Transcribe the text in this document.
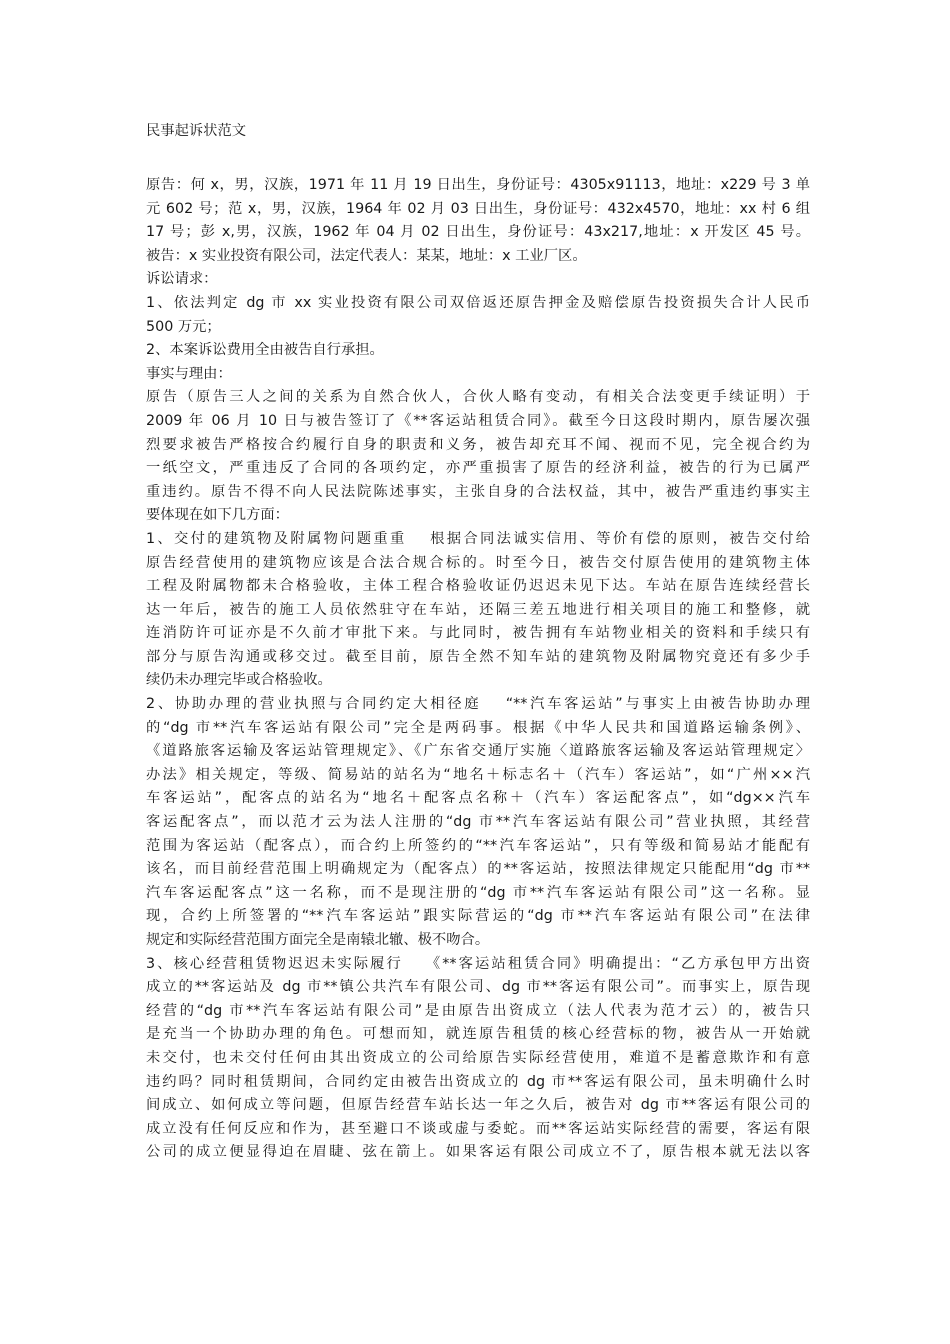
民事起诉状范文
原告：何 x，男，汉族，1971 年 11 月 19 日出生，身份证号：4305x91113，地址：x229 号 3 单
元 602 号；范 x，男，汉族，1964 年 02 月 03 日出生，身份证号：432x4570，地址：xx 村 6 组
17 号；彭 x,男，汉族，1962 年 04 月 02 日出生，身份证号：43x217,地址：x 开发区 45 号。
被告：x 实业投资有限公司，法定代表人：某某，地址：x 工业厂区。
诉讼请求：
1、依法判定 dg 市 xx 实业投资有限公司双倍返还原告押金及赔偿原告投资损失合计人民币
500 万元；
2、本案诉讼费用全由被告自行承担。
事实与理由：
原告（原告三人之间的关系为自然合伙人，合伙人略有变动，有相关合法变更手续证明）于
2009 年 06 月 10 日与被告签订了《**客运站租赁合同》。截至今日这段时期内，原告屡次强
烈要求被告严格按合约履行自身的职责和义务，被告却充耳不闻、视而不见，完全视合约为
一纸空文，严重违反了合同的各项约定，亦严重损害了原告的经济利益，被告的行为已属严
重违约。原告不得不向人民法院陈述事实，主张自身的合法权益，其中，被告严重违约事实主
要体现在如下几方面：
1、交付的建筑物及附属物问题重重　 根据合同法诚实信用、等价有偿的原则，被告交付给
原告经营使用的建筑物应该是合法合规合标的。时至今日，被告交付原告使用的建筑物主体
工程及附属物都未合格验收，主体工程合格验收证仍迟迟未见下达。车站在原告连续经营长
达一年后，被告的施工人员依然驻守在车站，还隔三差五地进行相关项目的施工和整修，就
连消防许可证亦是不久前才审批下来。与此同时，被告拥有车站物业相关的资料和手续只有
部分与原告沟通或移交过。截至目前，原告全然不知车站的建筑物及附属物究竟还有多少手
续仍未办理完毕或合格验收。
2、协助办理的营业执照与合同约定大相径庭　 “**汽车客运站”与事实上由被告协助办理
的“dg 市**汽车客运站有限公司”完全是两码事。根据《中华人民共和国道路运输条例》、
《道路旅客运输及客运站管理规定》、《广东省交通厅实施〈道路旅客运输及客运站管理规定〉
办法》相关规定，等级、简易站的站名为“地名＋标志名＋（汽车）客运站”，如“广州××汽
车客运站”，配客点的站名为“地名＋配客点名称＋（汽车）客运配客点”，如“dg××汽车
客运配客点”，而以范才云为法人注册的“dg 市**汽车客运站有限公司”营业执照，其经营
范围为客运站（配客点），而合约上所签约的“**汽车客运站”，只有等级和简易站才能配有
该名，而目前经营范围上明确规定为（配客点）的**客运站，按照法律规定只能配用“dg 市**
汽车客运配客点”这一名称，而不是现注册的“dg 市**汽车客运站有限公司”这一名称。显
现，合约上所签署的“**汽车客运站”跟实际营运的“dg 市**汽车客运站有限公司”在法律
规定和实际经营范围方面完全是南辕北辙、极不吻合。
3、核心经营租赁物迟迟未实际履行　 《**客运站租赁合同》明确提出：“乙方承包甲方出资
成立的**客运站及 dg 市**镇公共汽车有限公司、dg 市**客运有限公司”。而事实上，原告现
经营的“dg 市**汽车客运站有限公司”是由原告出资成立（法人代表为范才云）的，被告只
是充当一个协助办理的角色。可想而知，就连原告租赁的核心经营标的物，被告从一开始就
未交付，也未交付任何由其出资成立的公司给原告实际经营使用，难道不是蓄意欺诈和有意
违约吗？同时租赁期间，合同约定由被告出资成立的 dg 市**客运有限公司，虽未明确什么时
间成立、如何成立等问题，但原告经营车站长达一年之久后，被告对 dg 市**客运有限公司的
成立没有任何反应和作为，甚至避口不谈或虚与委蛇。而**客运站实际经营的需要，客运有限
公司的成立便显得迫在眉睫、弦在箭上。如果客运有限公司成立不了，原告根本就无法以客
